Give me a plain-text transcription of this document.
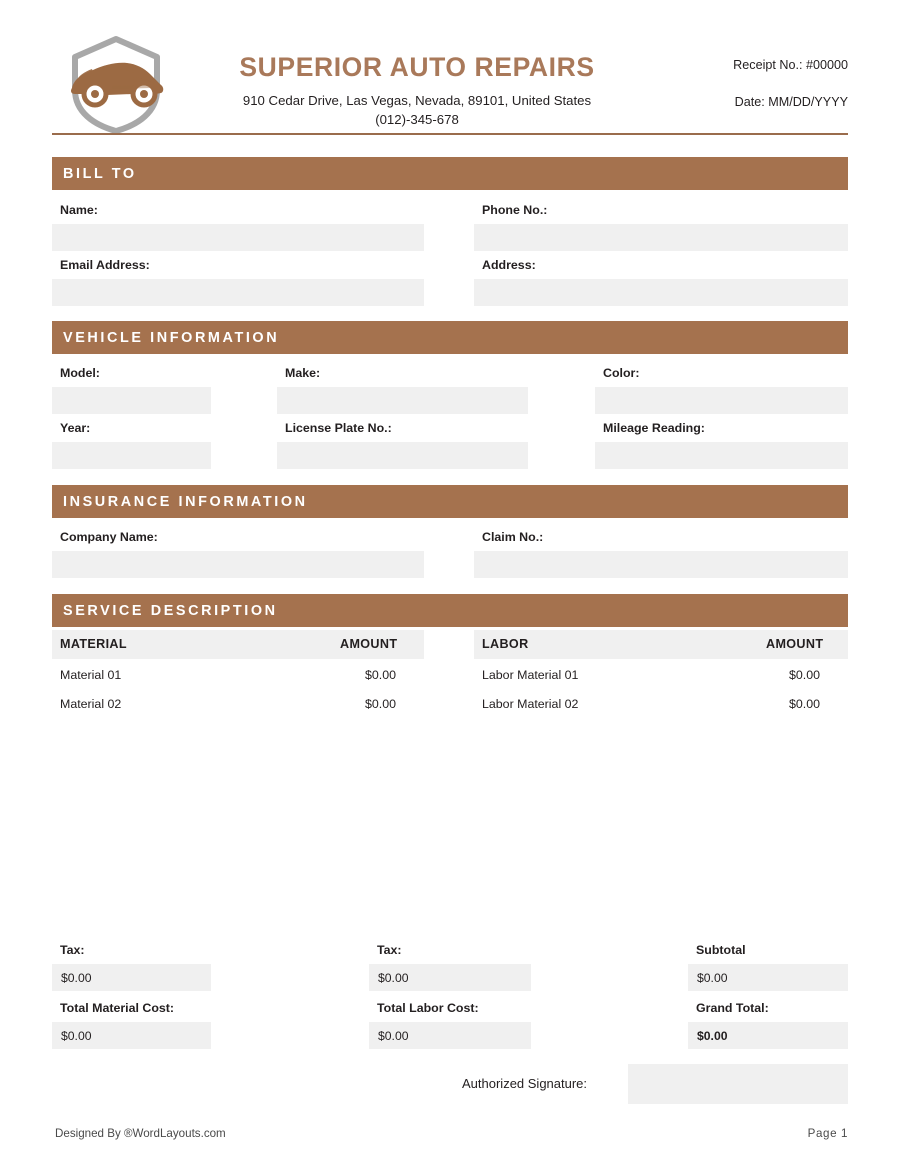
SUPERIOR AUTO REPAIRS
910 Cedar Drive, Las Vegas, Nevada, 89101, United States
(012)-345-678
Receipt No.: #00000
Date: MM/DD/YYYY
BILL TO
Name:	Phone No.:
Email Address:	Address:
VEHICLE INFORMATION
Model:	Make:	Color:
Year:	License Plate No.:	Mileage Reading:
INSURANCE INFORMATION
Company Name:	Claim No.:
SERVICE DESCRIPTION
MATERIAL	AMOUNT
Material 01	$0.00
Material 02	$0.00
LABOR	AMOUNT
Labor Material 01	$0.00
Labor Material 02	$0.00
Tax:
$0.00
Total Material Cost:
$0.00
Tax:
$0.00
Total Labor Cost:
$0.00
Subtotal
$0.00
Grand Total:
$0.00
Authorized Signature:
Designed By ®WordLayouts.com	Page 1
